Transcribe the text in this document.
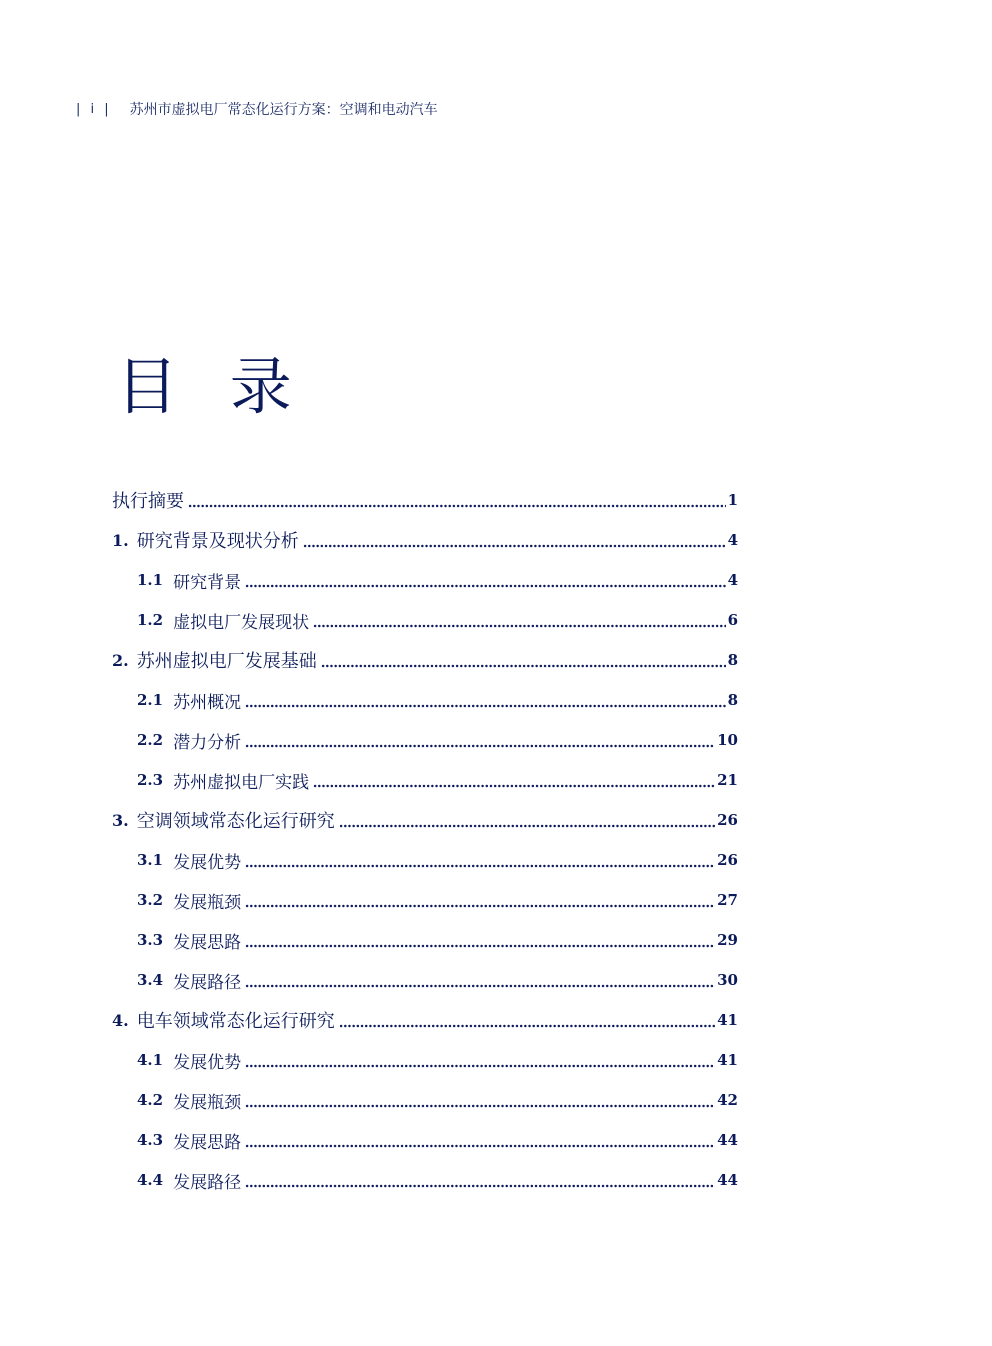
| i | 苏州市虚拟电厂常态化运行方案：空调和电动汽车
目 录
执行摘要	1
1. 研究背景及现状分析	4
1.1 研究背景	4
1.2 虚拟电厂发展现状	6
2. 苏州虚拟电厂发展基础	8
2.1 苏州概况	8
2.2 潜力分析	10
2.3 苏州虚拟电厂实践	21
3. 空调领域常态化运行研究	26
3.1 发展优势	26
3.2 发展瓶颈	27
3.3 发展思路	29
3.4 发展路径	30
4. 电车领域常态化运行研究	41
4.1 发展优势	41
4.2 发展瓶颈	42
4.3 发展思路	44
4.4 发展路径	44
